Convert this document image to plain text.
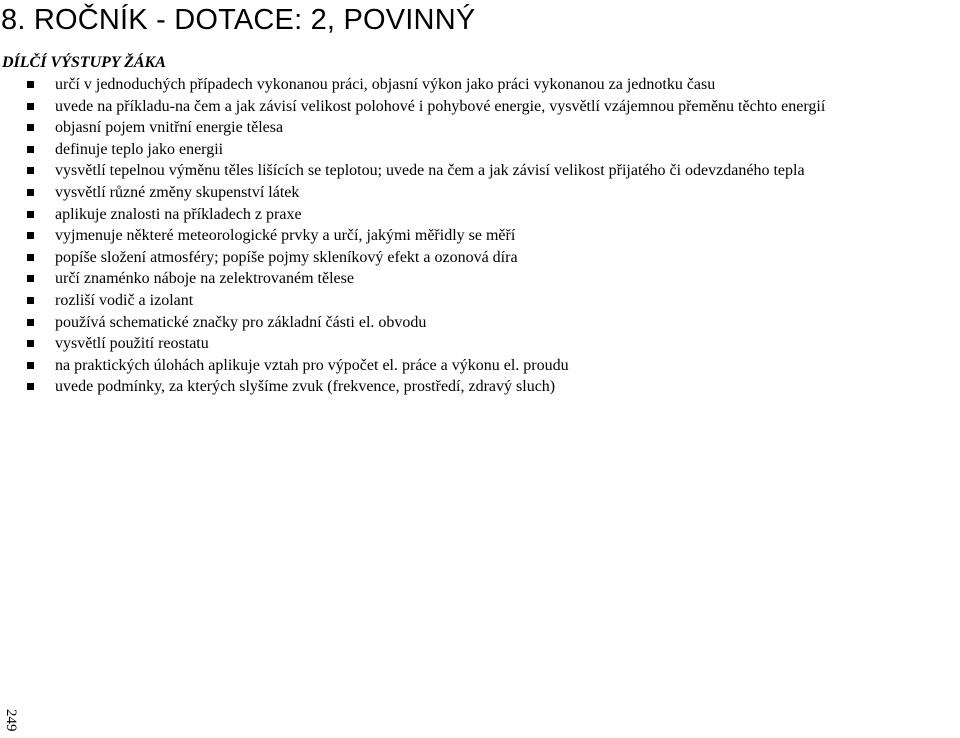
8. ROČNÍK - DOTACE: 2, POVINNÝ
DÍLČÍ VÝSTUPY ŽÁKA
určí v jednoduchých případech vykonanou práci, objasní výkon jako práci vykonanou za jednotku času
uvede na příkladu-na čem a jak závisí velikost polohové i pohybové energie, vysvětlí vzájemnou přeměnu těchto energií
objasní pojem vnitřní energie tělesa
definuje teplo jako energii
vysvětlí tepelnou výměnu těles lišících se teplotou; uvede na čem a jak závisí velikost přijatého či odevzdaného tepla
vysvětlí různé změny skupenství látek
aplikuje znalosti na příkladech z praxe
vyjmenuje některé meteorologické prvky a určí, jakými měřidly se měří
popíše složení atmosféry; popíše pojmy skleníkový efekt a ozonová díra
určí znaménko náboje na zelektrovaném tělese
rozliší vodič a izolant
používá schematické značky pro základní části el. obvodu
vysvětlí použití reostatu
na praktických úlohách aplikuje vztah pro výpočet el. práce a výkonu el. proudu
uvede podmínky, za kterých slyšíme zvuk (frekvence, prostředí, zdravý sluch)
249
